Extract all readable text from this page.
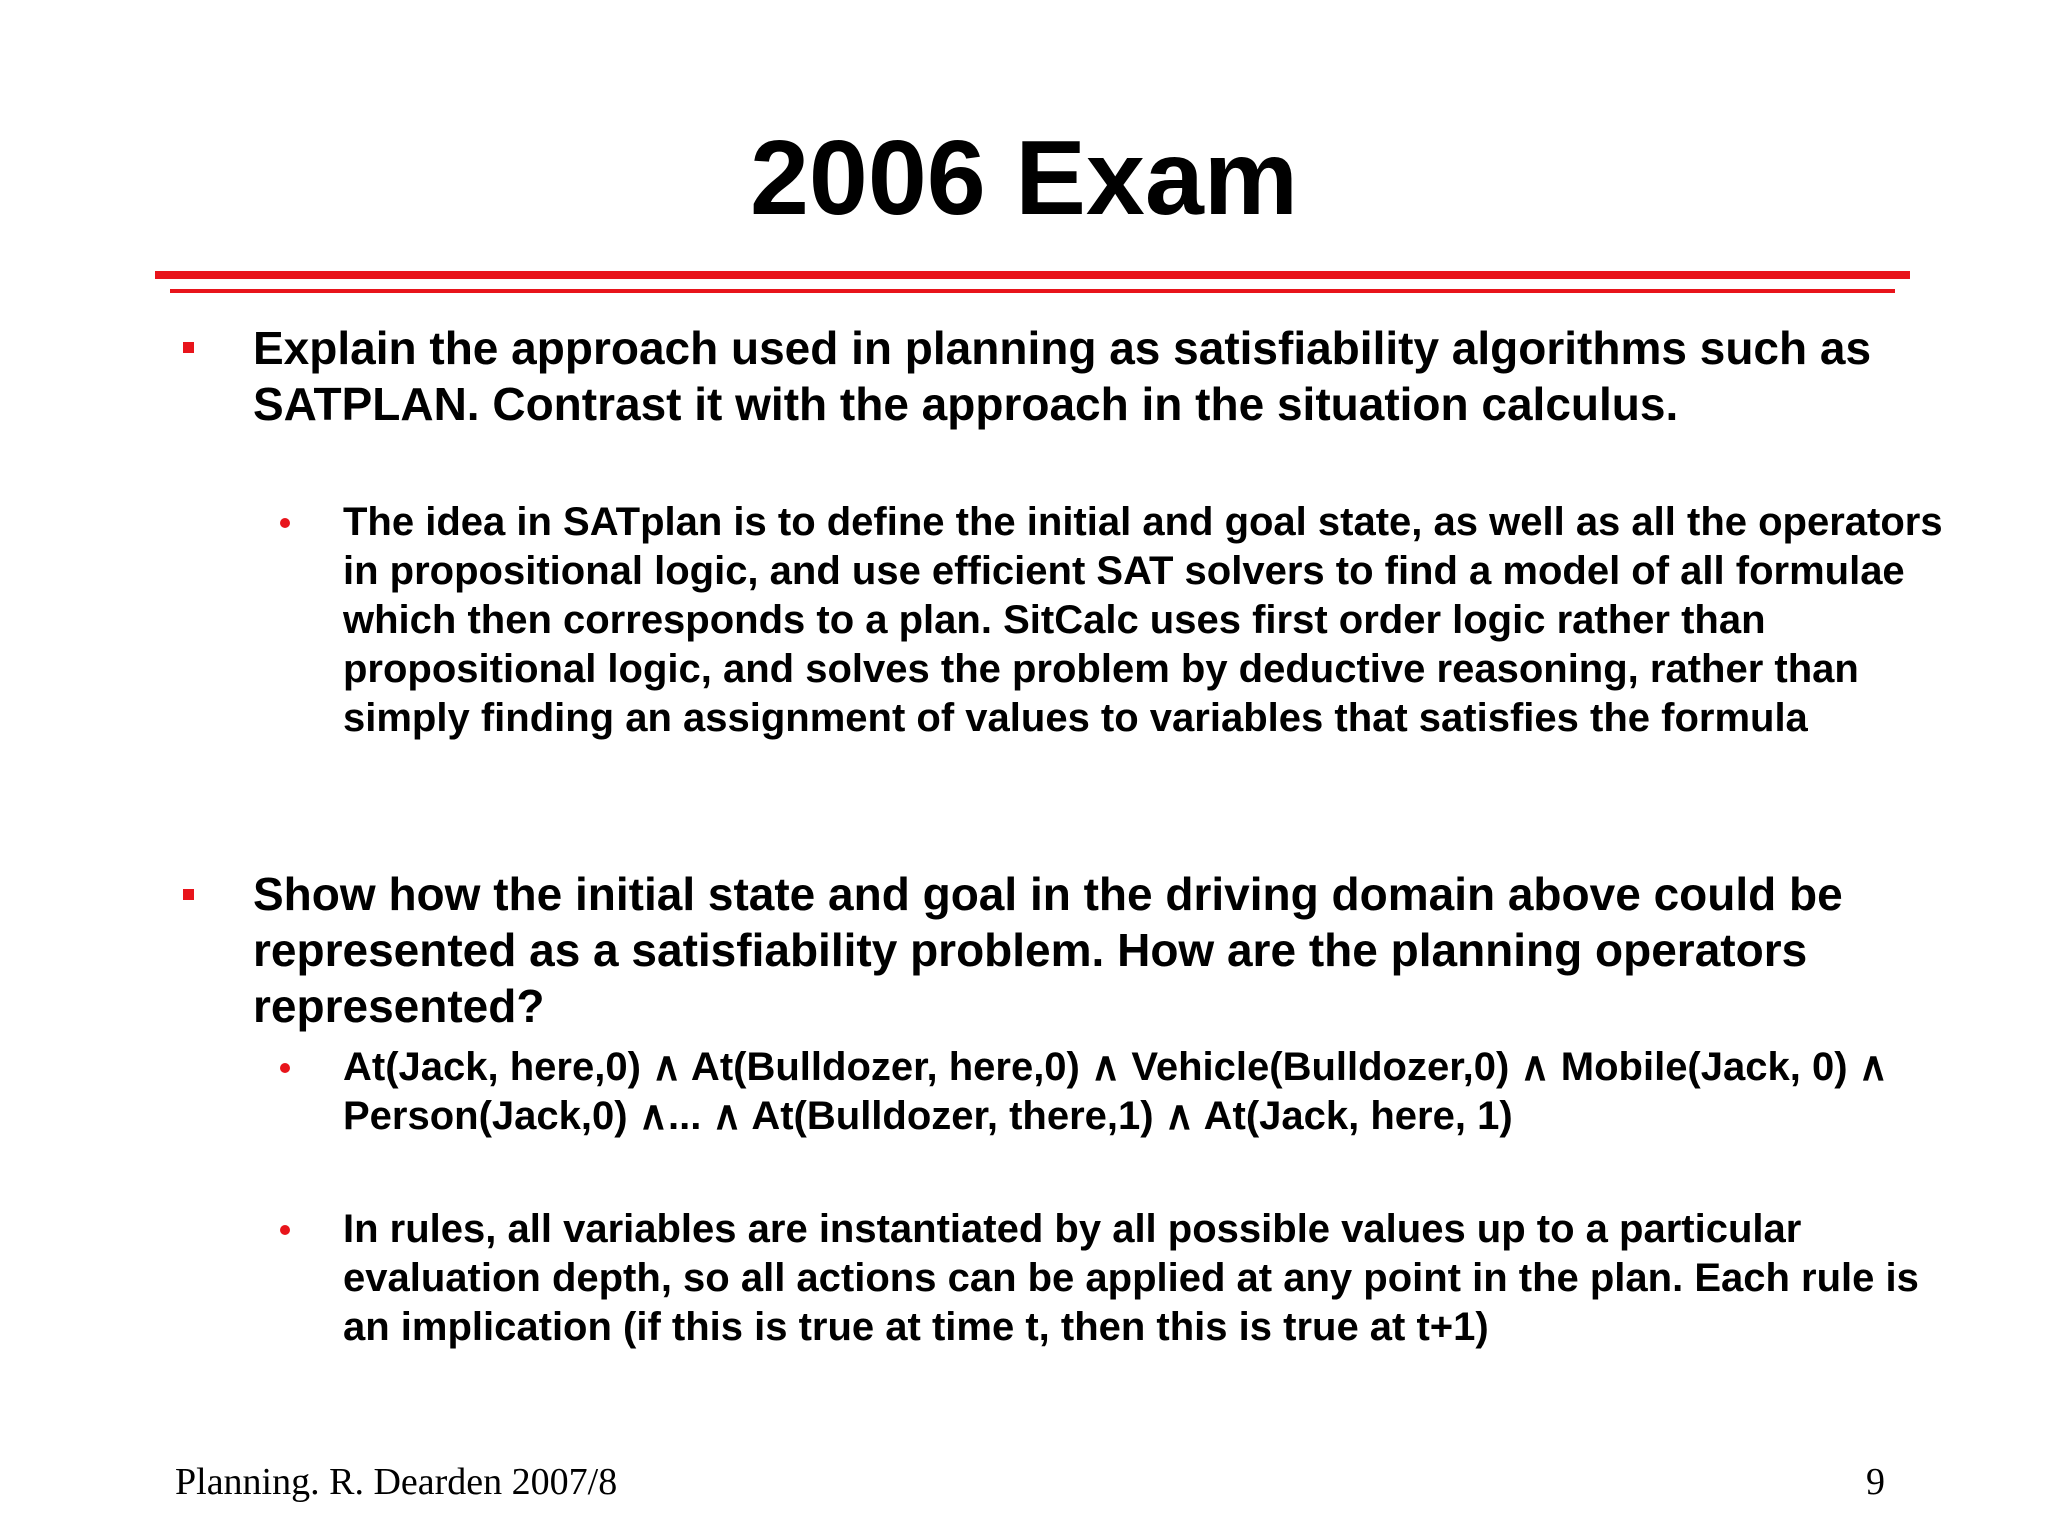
2006 Exam

Explain the approach used in planning as satisfiability algorithms such as SATPLAN. Contrast it with the approach in the situation calculus.

The idea in SATplan is to define the initial and goal state, as well as all the operators in propositional logic, and use efficient SAT solvers to find a model of all formulae which then corresponds to a plan. SitCalc uses first order logic rather than propositional logic, and solves the problem by deductive reasoning, rather than simply finding an assignment of values to variables that satisfies the formula

Show how the initial state and goal in the driving domain above could be represented as a satisfiability problem. How are the planning operators represented?

At(Jack, here,0) ∧ At(Bulldozer, here,0) ∧ Vehicle(Bulldozer,0) ∧ Mobile(Jack, 0) ∧ Person(Jack,0) ∧... ∧ At(Bulldozer, there,1) ∧ At(Jack, here, 1)

In rules, all variables are instantiated by all possible values up to a particular evaluation depth, so all actions can be applied at any point in the plan. Each rule is an implication (if this is true at time t, then this is true at t+1)

Planning. R. Dearden 2007/8	9
